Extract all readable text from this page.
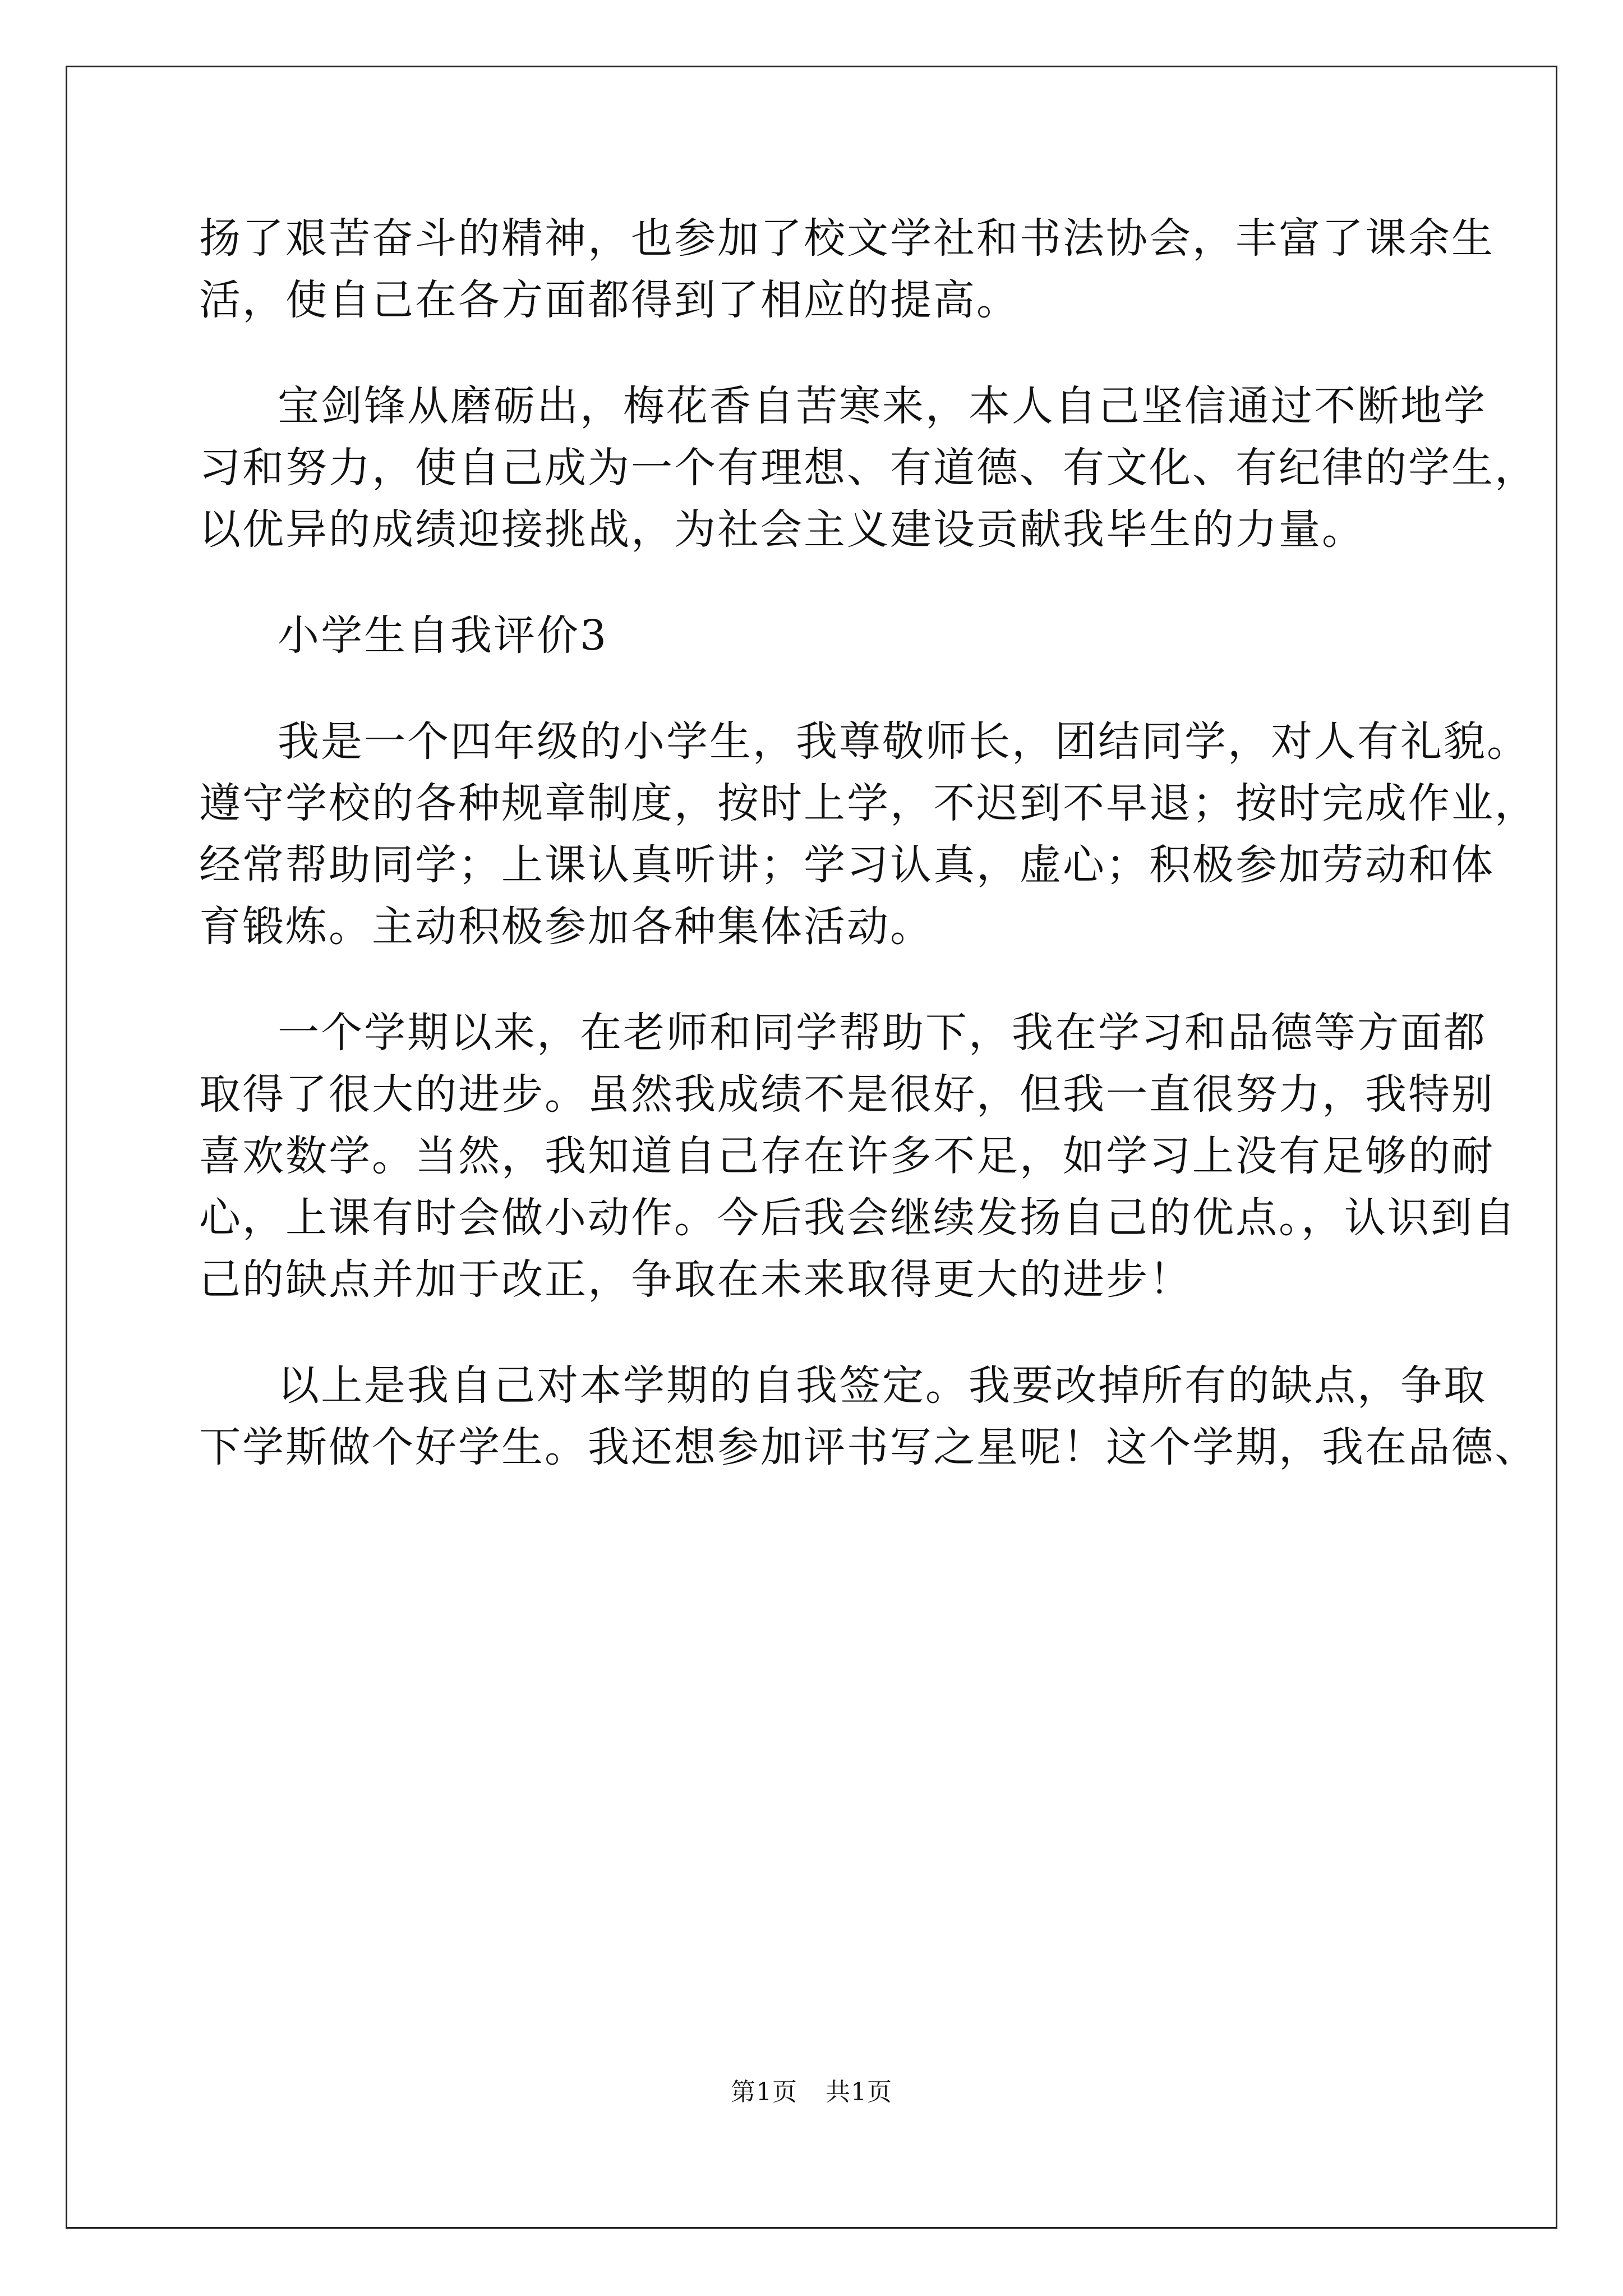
扬了艰苦奋斗的精神，也参加了校文学社和书法协会，丰富了课余生
活，使自己在各方面都得到了相应的提高。
宝剑锋从磨砺出，梅花香自苦寒来，本人自己坚信通过不断地学
习和努力，使自己成为一个有理想、有道德、有文化、有纪律的学生，
以优异的成绩迎接挑战，为社会主义建设贡献我毕生的力量。
小学生自我评价3
我是一个四年级的小学生，我尊敬师长，团结同学，对人有礼貌。
遵守学校的各种规章制度，按时上学，不迟到不早退；按时完成作业，
经常帮助同学；上课认真听讲；学习认真，虚心；积极参加劳动和体
育锻炼。主动积极参加各种集体活动。
一个学期以来，在老师和同学帮助下，我在学习和品德等方面都
取得了很大的进步。虽然我成绩不是很好，但我一直很努力，我特别
喜欢数学。当然，我知道自己存在许多不足，如学习上没有足够的耐
心，上课有时会做小动作。今后我会继续发扬自己的优点。，认识到自
己的缺点并加于改正，争取在未来取得更大的进步！
以上是我自己对本学期的自我签定。我要改掉所有的缺点，争取
下学斯做个好学生。我还想参加评书写之星呢！这个学期，我在品德、
第1页 共1页
